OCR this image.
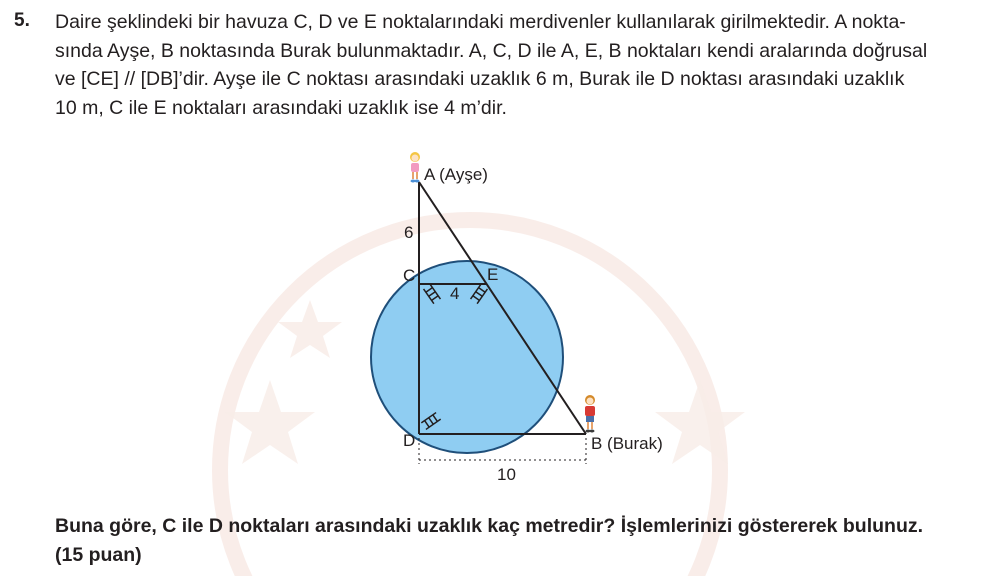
5. Daire şeklindeki bir havuza C, D ve E noktalarındaki merdivenler kullanılarak girilmektedir. A nokta-
sında Ayşe, B noktasında Burak bulunmaktadır. A, C, D ile A, E, B noktaları kendi aralarında doğrusal
ve [CE] // [DB]’dir. Ayşe ile C noktası arasındaki uzaklık 6 m, Burak ile D noktası arasındaki uzaklık
10 m, C ile E noktaları arasındaki uzaklık ise 4 m’dir.
A (Ayşe)
6
C	E
4
D	B (Burak)
10
Buna göre, C ile D noktaları arasındaki uzaklık kaç metredir? İşlemlerinizi göstererek bulunuz.
(15 puan)
